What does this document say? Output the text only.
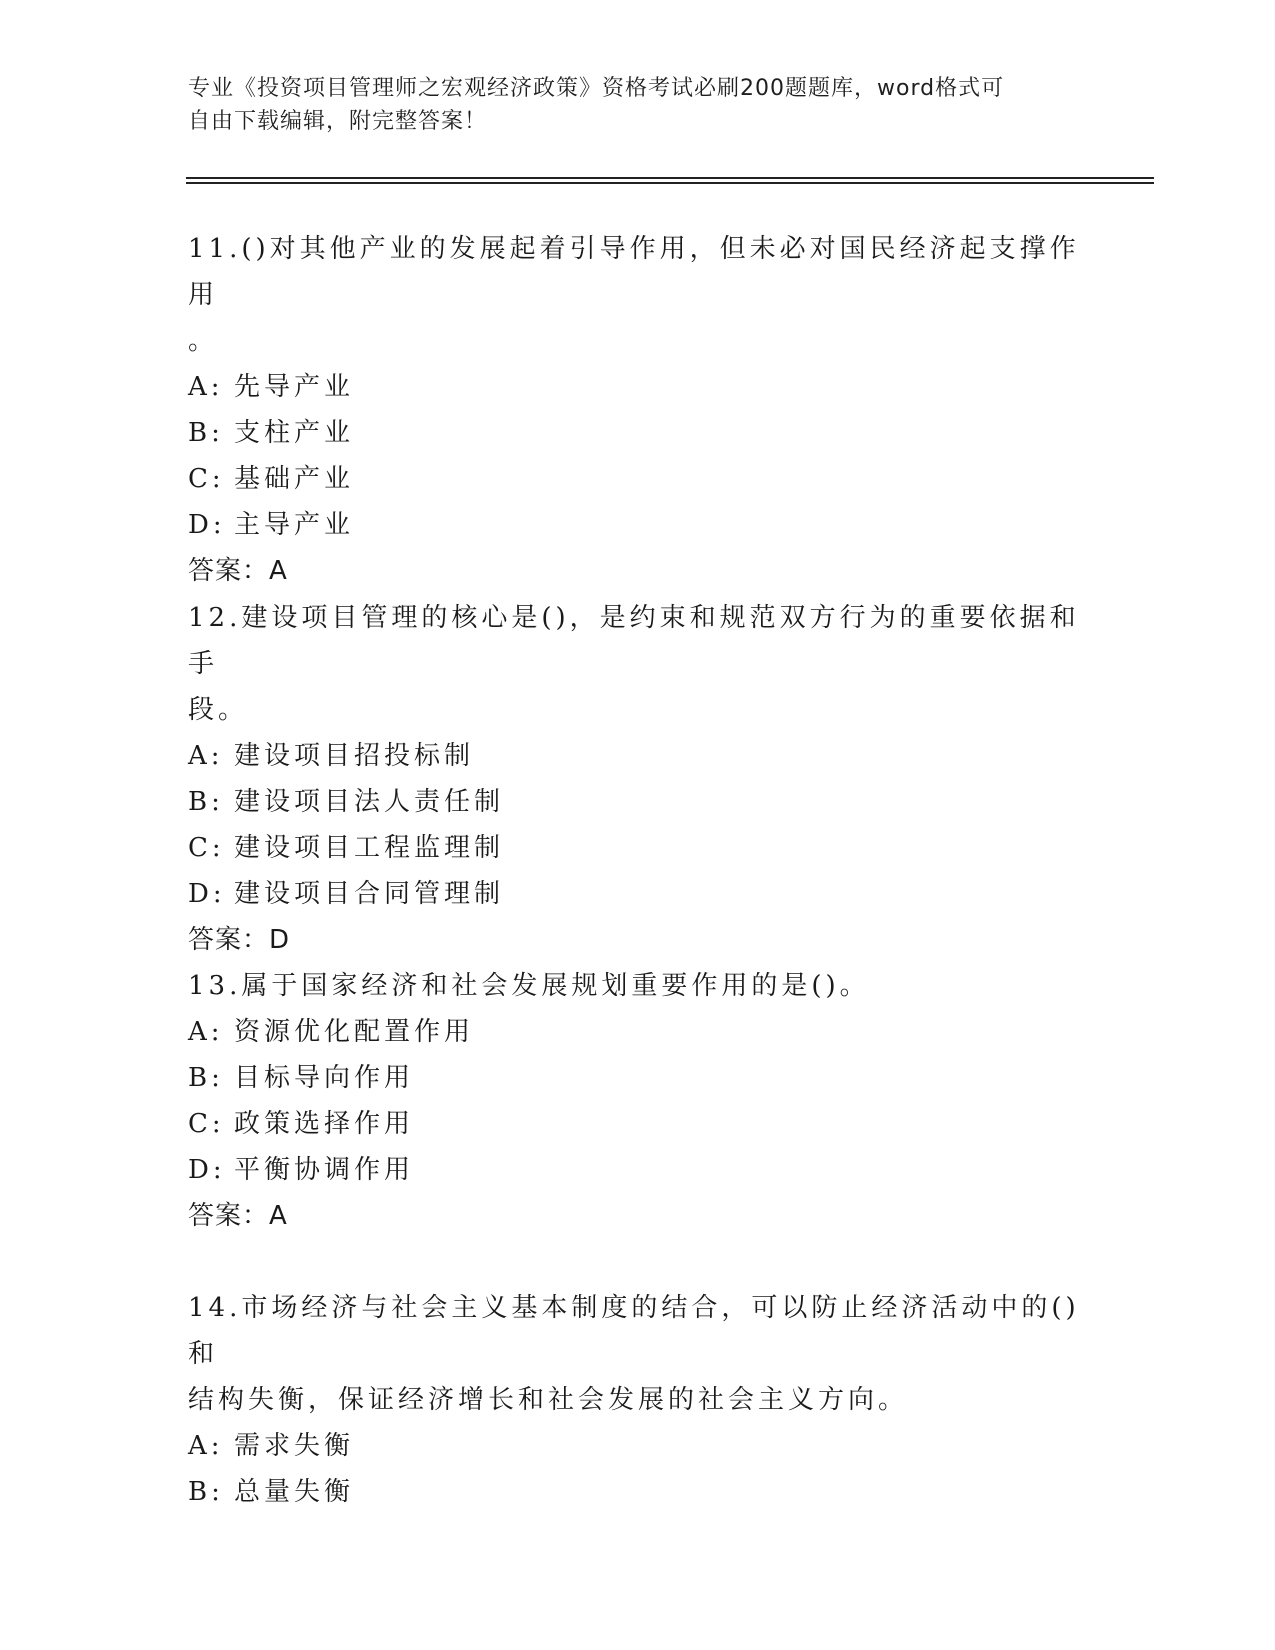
专业《投资项目管理师之宏观经济政策》资格考试必刷200题题库，word格式可
自由下载编辑，附完整答案！

11.()对其他产业的发展起着引导作用，但未必对国民经济起支撑作用

。

A: 先导产业

B: 支柱产业

C: 基础产业

D: 主导产业

答案：A

12.建设项目管理的核心是()，是约束和规范双方行为的重要依据和手

段。

A: 建设项目招投标制

B: 建设项目法人责任制

C: 建设项目工程监理制

D: 建设项目合同管理制

答案：D

13.属于国家经济和社会发展规划重要作用的是()。

A: 资源优化配置作用

B: 目标导向作用

C: 政策选择作用

D: 平衡协调作用

答案：A

14.市场经济与社会主义基本制度的结合，可以防止经济活动中的()和

结构失衡，保证经济增长和社会发展的社会主义方向。

A: 需求失衡

B: 总量失衡
